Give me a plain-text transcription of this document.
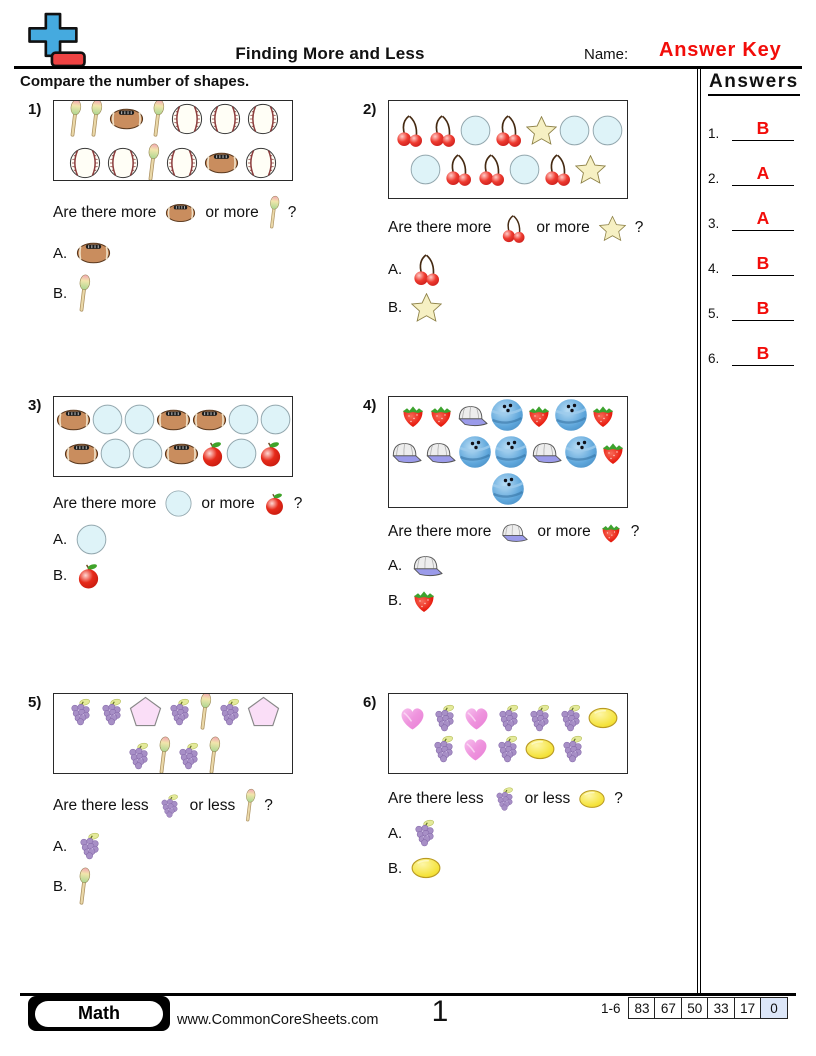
Finding More and Less	Name: Answer Key
Compare the number of shapes.	Answers
1.	B
2.	A
3.	A
4.	B
5.	B
6.	B
1)
Are there more	or more ?
A.
B.
2)
Are there more	or more	?
A.
B.
3)
Are there more	or more	?
A.
B.
4)
Are there more	or more	?
A.
B.
5)
Are there less	or less ?
A.
B.
6)
Are there less	or less	?
A.
B.
Math	www.CommonCoreSheets.com	1	1-6	83 67 50 33 17	0
